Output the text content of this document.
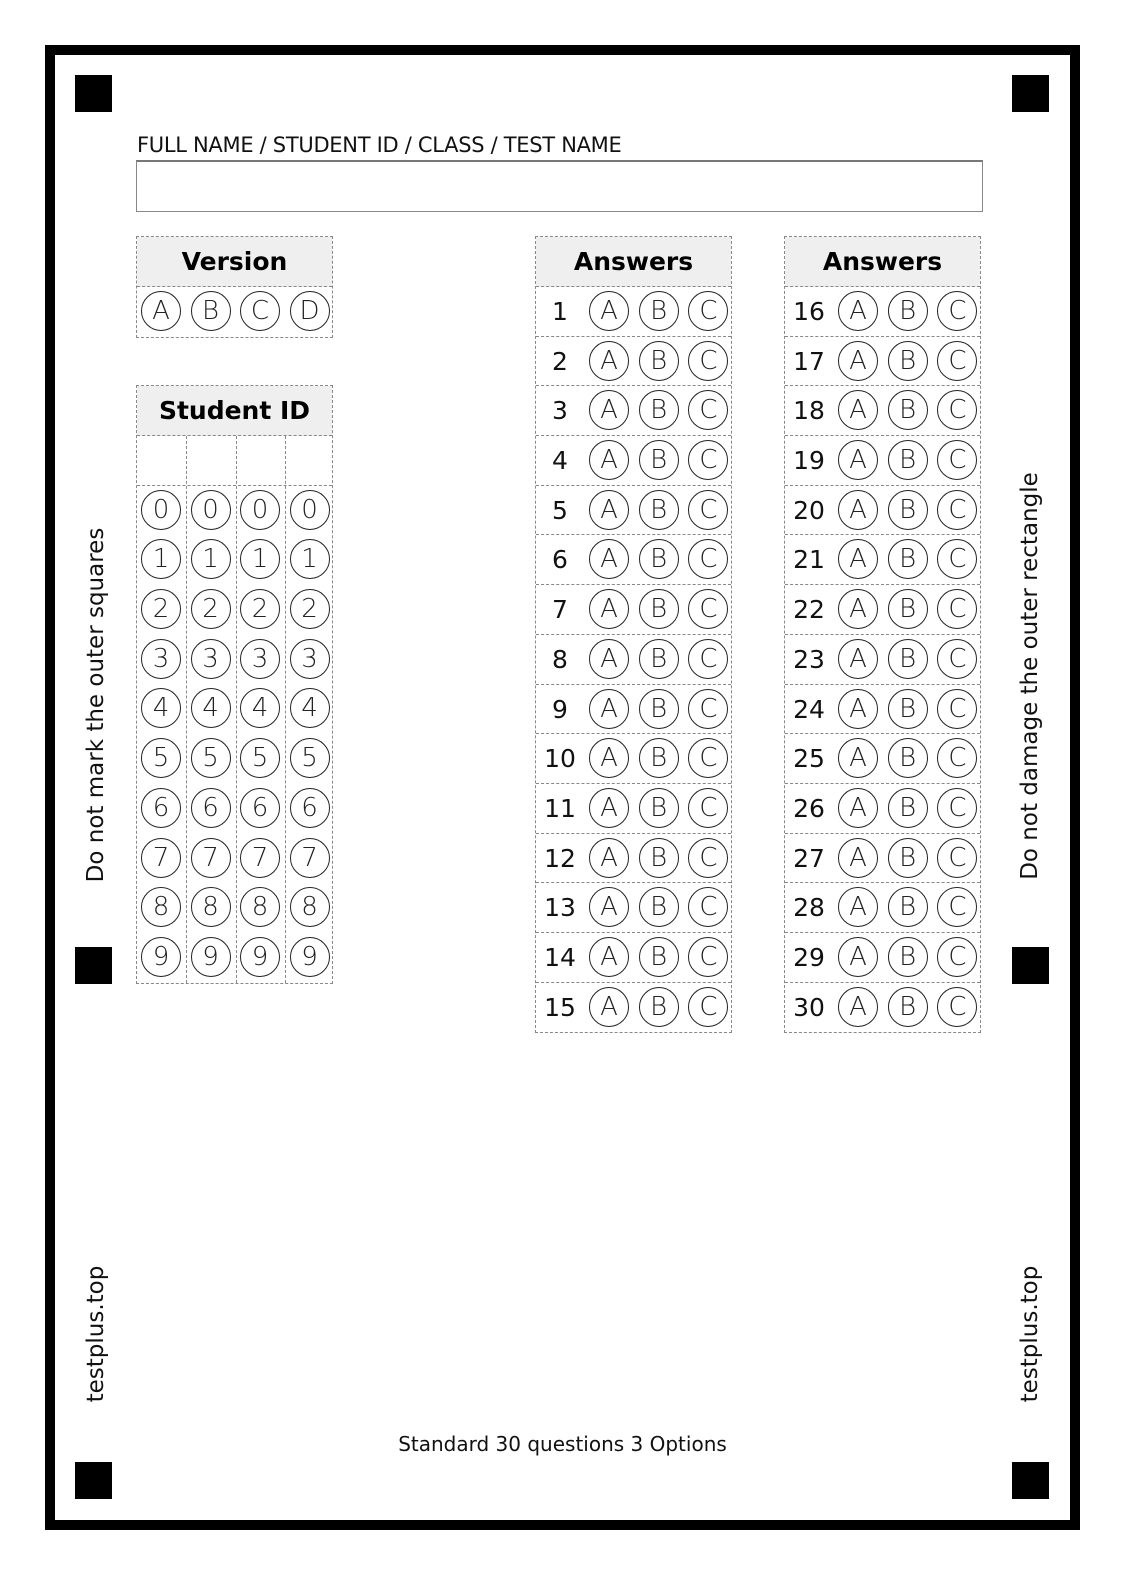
FULL NAME / STUDENT ID / CLASS / TEST NAME
Version
A	B	C	D
Student ID
0	0	0	0
1	1	1	1
2	2	2	2
3	3	3	3
4	4	4	4
5	5	5	5
6	6	6	6
7	7	7	7
8	8	8	8
9	9	9	9
Answers
1	A	B	C
2	A	B	C
3	A	B	C
4	A	B	C
5	A	B	C
6	A	B	C
7	A	B	C
8	A	B	C
9	A	B	C
10 A	B	C
11 A	B	C
12 A	B	C
13 A	B	C
14 A	B	C
15 A	B	C
Answers
16 A	B	C
17 A	B	C
18 A	B	C
19 A	B	C
20 A	B	C
21 A	B	C
22 A	B	C
23 A	B	C
24 A	B	C
25 A	B	C
26 A	B	C
27 A	B	C
28 A	B	C
29 A	B	C
30 A	B	C
Do not mark the outer squares	Do not damage the outer rectangle
testplus.top	testplus.top
Standard 30 questions 3 Options
